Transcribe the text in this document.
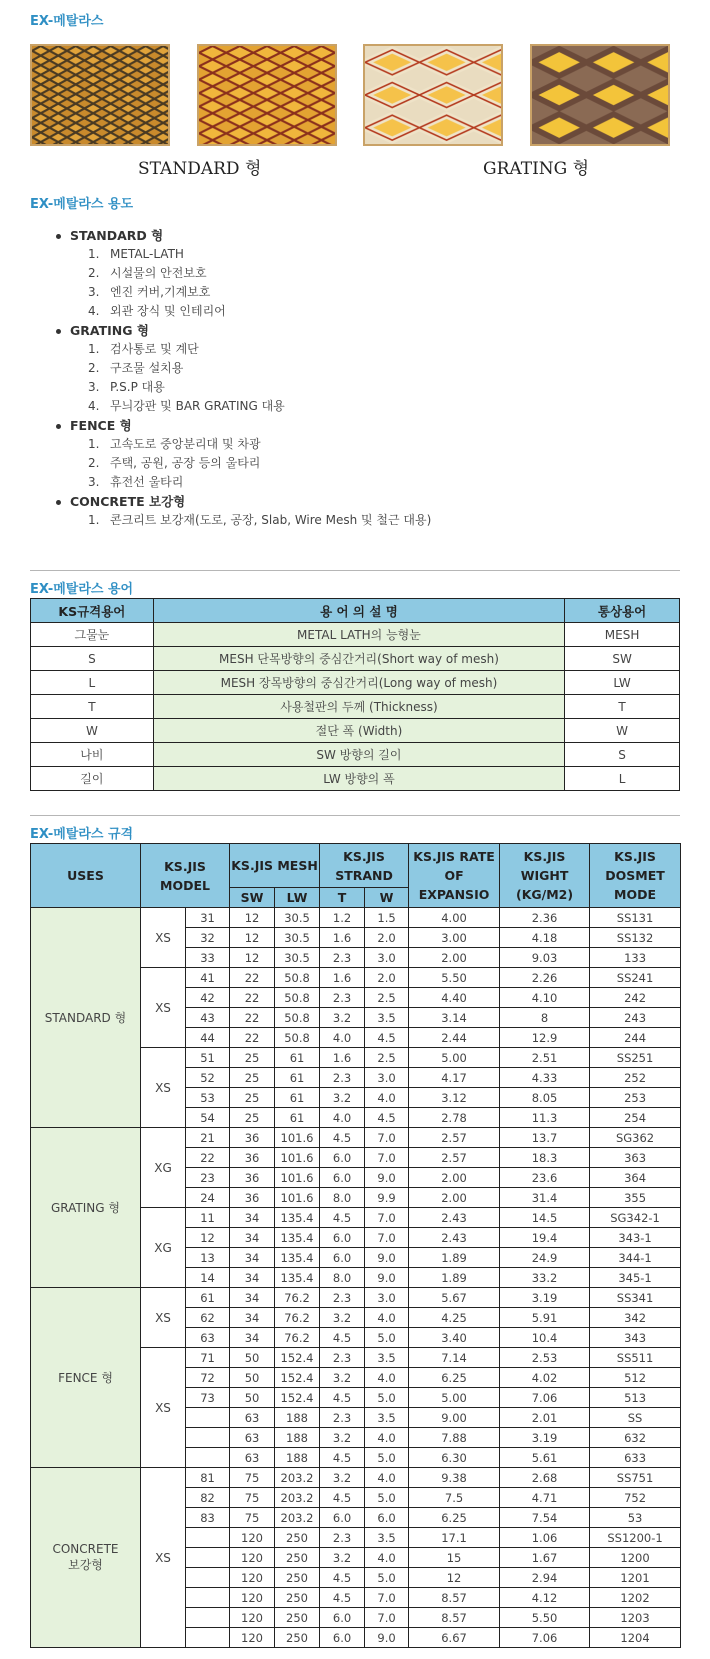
EX-메탈라스
STANDARD 형	GRATING 형
EX-메탈라스 용도
STANDARD 형
1. METAL-LATH
2. 시설물의 안전보호
3. 엔진 커버,기계보호
4. 외관 장식 및 인테리어
GRATING 형
1. 검사통로 및 계단
2. 구조물 설치용
3. P.S.P 대용
4. 무늬강판 및 BAR GRATING 대용
FENCE 형
1. 고속도로 중앙분리대 및 차광
2. 주택, 공원, 공장 등의 울타리
3. 휴전선 울타리
CONCRETE 보강형
1. 콘크리트 보강재(도로, 공장, Slab, Wire Mesh 및 철근 대용)
EX-메탈라스 용어
KS규격용어	용 어 의 설 명	통상용어
그물눈	METAL LATH의 능형눈	MESH
S	MESH 단목방향의 중심간거리(Short way of mesh)	SW
L	MESH 장목방향의 중심간거리(Long way of mesh)	LW
T	사용철판의 두께 (Thickness)	T
W	절단 폭 (Width)	W
나비	SW 방향의 길이	S
길이	LW 방향의 폭	L
EX-메탈라스 규격
USES	KS.JIS MODEL		KS.JIS MESH		KS.JIS STRAND		KS.JIS RATE OF EXPANSIO	KS.JIS WIGHT (KG/M2)	KS.JIS DOSMET MODE
			SW	LW	T	W			
STANDARD 형	XS	31	12	30.5	1.2	1.5	4.00	2.36	SS131
		32	12	30.5	1.6	2.0	3.00	4.18	SS132
		33	12	30.5	2.3	3.0	2.00	9.03	133
	XS	41	22	50.8	1.6	2.0	5.50	2.26	SS241
		42	22	50.8	2.3	2.5	4.40	4.10	242
		43	22	50.8	3.2	3.5	3.14	8	243
		44	22	50.8	4.0	4.5	2.44	12.9	244
	XS	51	25	61	1.6	2.5	5.00	2.51	SS251
		52	25	61	2.3	3.0	4.17	4.33	252
		53	25	61	3.2	4.0	3.12	8.05	253
		54	25	61	4.0	4.5	2.78	11.3	254
GRATING 형	XG	21	36	101.6	4.5	7.0	2.57	13.7	SG362
		22	36	101.6	6.0	7.0	2.57	18.3	363
		23	36	101.6	6.0	9.0	2.00	23.6	364
		24	36	101.6	8.0	9.9	2.00	31.4	355
	XG	11	34	135.4	4.5	7.0	2.43	14.5	SG342-1
		12	34	135.4	6.0	7.0	2.43	19.4	343-1
		13	34	135.4	6.0	9.0	1.89	24.9	344-1
		14	34	135.4	8.0	9.0	1.89	33.2	345-1
FENCE 형	XS	61	34	76.2	2.3	3.0	5.67	3.19	SS341
		62	34	76.2	3.2	4.0	4.25	5.91	342
		63	34	76.2	4.5	5.0	3.40	10.4	343
	XS	71	50	152.4	2.3	3.5	7.14	2.53	SS511
		72	50	152.4	3.2	4.0	6.25	4.02	512
		73	50	152.4	4.5	5.0	5.00	7.06	513
			63	188	2.3	3.5	9.00	2.01	SS
			63	188	3.2	4.0	7.88	3.19	632
			63	188	4.5	5.0	6.30	5.61	633
CONCRETE
보강형	XS	81	75	203.2	3.2	4.0	9.38	2.68	SS751
		82	75	203.2	4.5	5.0	7.5	4.71	752
		83	75	203.2	6.0	6.0	6.25	7.54	53
			120	250	2.3	3.5	17.1	1.06	SS1200-1
			120	250	3.2	4.0	15	1.67	1200
			120	250	4.5	5.0	12	2.94	1201
			120	250	4.5	7.0	8.57	4.12	1202
			120	250	6.0	7.0	8.57	5.50	1203
			120	250	6.0	9.0	6.67	7.06	1204
